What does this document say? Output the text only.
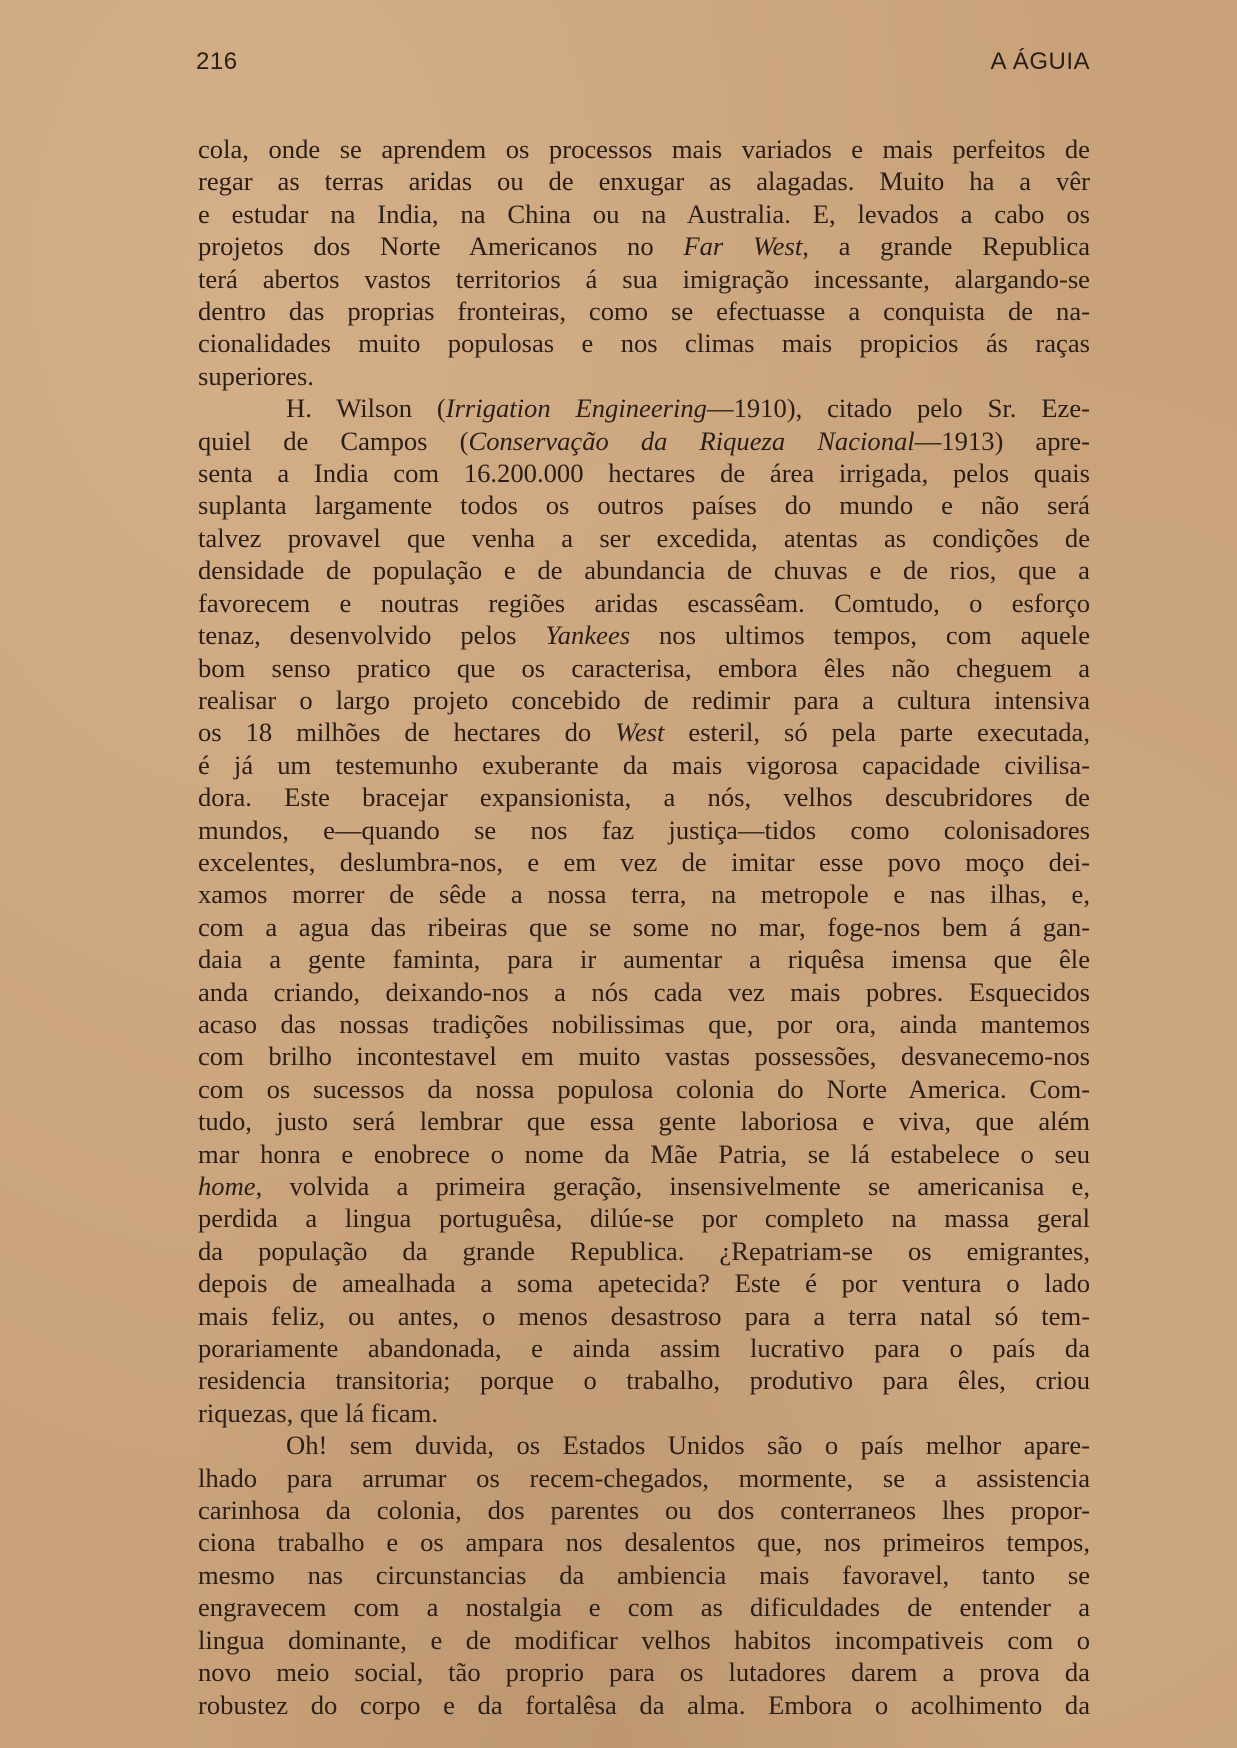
216	A ÁGUIA
cola, onde se aprendem os processos mais variados e mais perfeitos de
regar as terras aridas ou de enxugar as alagadas. Muito ha a vêr
e estudar na India, na China ou na Australia. E, levados a cabo os
projetos dos Norte Americanos no Far West, a grande Republica
terá abertos vastos territorios á sua imigração incessante, alargando-se
dentro das proprias fronteiras, como se efectuasse a conquista de na-
cionalidades muito populosas e nos climas mais propicios ás raças
superiores.
H. Wilson (Irrigation Engineering—1910), citado pelo Sr. Eze-
quiel de Campos (Conservação da Riqueza Nacional—1913) apre-
senta a India com 16.200.000 hectares de área irrigada, pelos quais
suplanta largamente todos os outros países do mundo e não será
talvez provavel que venha a ser excedida, atentas as condições de
densidade de população e de abundancia de chuvas e de rios, que a
favorecem e noutras regiões aridas escassêam. Comtudo, o esforço
tenaz, desenvolvido pelos Yankees nos ultimos tempos, com aquele
bom senso pratico que os caracterisa, embora êles não cheguem a
realisar o largo projeto concebido de redimir para a cultura intensiva
os 18 milhões de hectares do West esteril, só pela parte executada,
é já um testemunho exuberante da mais vigorosa capacidade civilisa-
dora. Este bracejar expansionista, a nós, velhos descubridores de
mundos, e—quando se nos faz justiça—tidos como colonisadores
excelentes, deslumbra-nos, e em vez de imitar esse povo moço dei-
xamos morrer de sêde a nossa terra, na metropole e nas ilhas, e,
com a agua das ribeiras que se some no mar, foge-nos bem á gan-
daia a gente faminta, para ir aumentar a riquêsa imensa que êle
anda criando, deixando-nos a nós cada vez mais pobres. Esquecidos
acaso das nossas tradições nobilissimas que, por ora, ainda mantemos
com brilho incontestavel em muito vastas possessões, desvanecemo-nos
com os sucessos da nossa populosa colonia do Norte America. Com-
tudo, justo será lembrar que essa gente laboriosa e viva, que além
mar honra e enobrece o nome da Mãe Patria, se lá estabelece o seu
home, volvida a primeira geração, insensivelmente se americanisa e,
perdida a lingua portuguêsa, dilúe-se por completo na massa geral
da população da grande Republica. ¿Repatriam-se os emigrantes,
depois de amealhada a soma apetecida? Este é por ventura o lado
mais feliz, ou antes, o menos desastroso para a terra natal só tem-
porariamente abandonada, e ainda assim lucrativo para o país da
residencia transitoria; porque o trabalho, produtivo para êles, criou
riquezas, que lá ficam.
Oh! sem duvida, os Estados Unidos são o país melhor apare-
lhado para arrumar os recem-chegados, mormente, se a assistencia
carinhosa da colonia, dos parentes ou dos conterraneos lhes propor-
ciona trabalho e os ampara nos desalentos que, nos primeiros tempos,
mesmo nas circunstancias da ambiencia mais favoravel, tanto se
engravecem com a nostalgia e com as dificuldades de entender a
lingua dominante, e de modificar velhos habitos incompativeis com o
novo meio social, tão proprio para os lutadores darem a prova da
robustez do corpo e da fortalêsa da alma. Embora o acolhimento da
